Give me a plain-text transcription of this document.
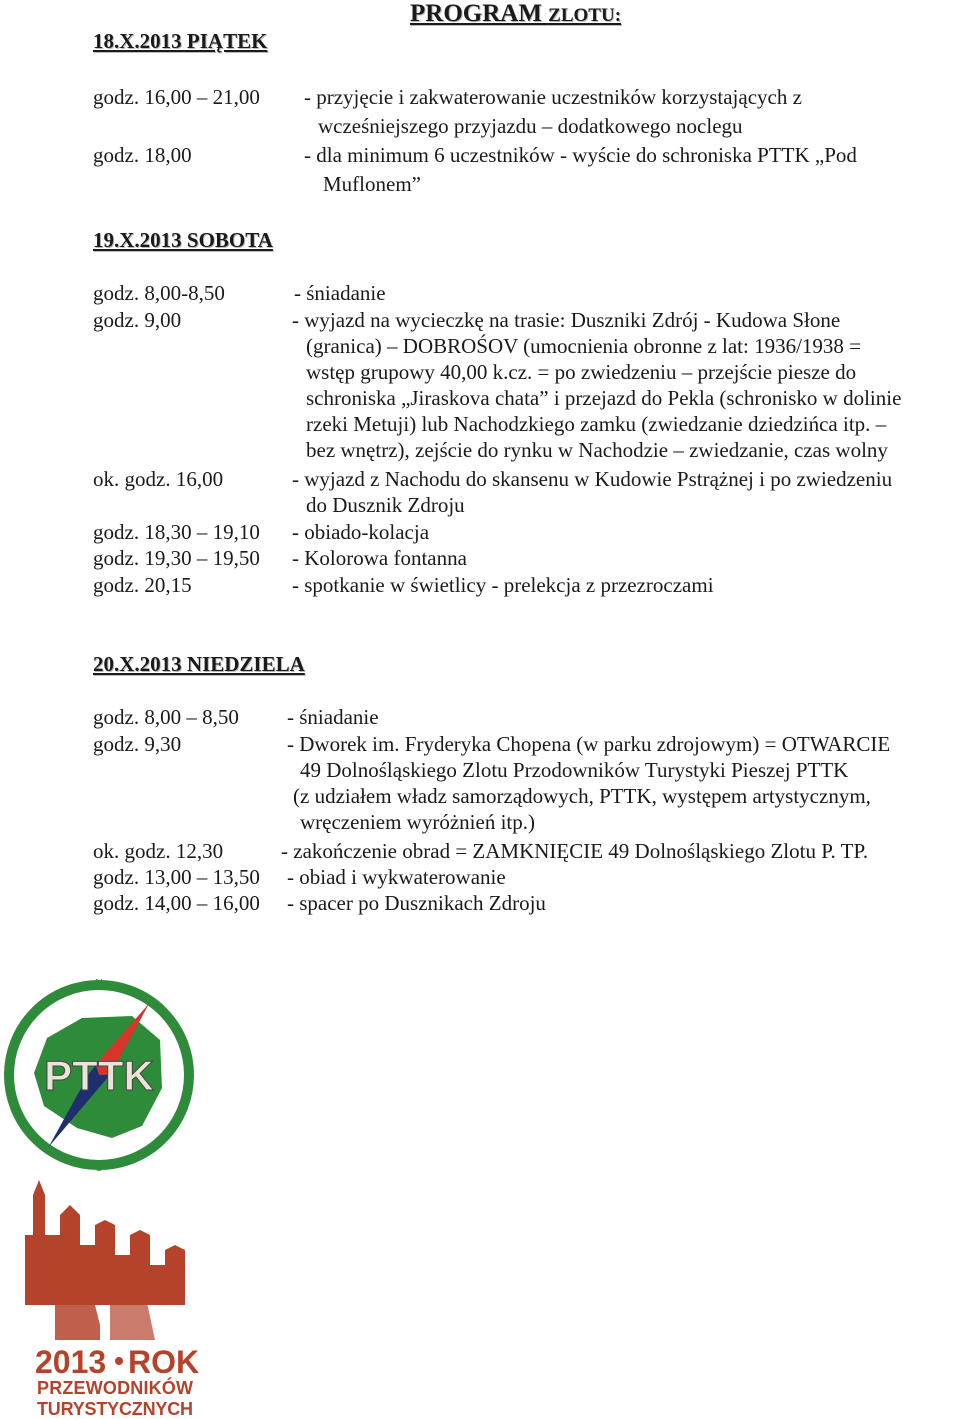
PROGRAM ZLOTU:
18.X.2013 PIĄTEK
godz. 16,00 – 21,00 - przyjęcie i zakwaterowanie uczestników korzystających z
wcześniejszego przyjazdu – dodatkowego noclegu
godz. 18,00	- dla minimum 6 uczestników - wyście do schroniska PTTK „Pod
Muflonem”
19.X.2013 SOBOTA
godz. 8,00-8,50	- śniadanie
godz. 9,00	- wyjazd na wycieczkę na trasie: Duszniki Zdrój - Kudowa Słone
(granica) – DOBROŚOV (umocnienia obronne z lat: 1936/1938 =
wstęp grupowy 40,00 k.cz. = po zwiedzeniu – przejście piesze do
schroniska „Jiraskova chata” i przejazd do Pekla (schronisko w dolinie
rzeki Metuji) lub Nachodzkiego zamku (zwiedzanie dziedzińca itp. –
bez wnętrz), zejście do rynku w Nachodzie – zwiedzanie, czas wolny
ok. godz. 16,00	- wyjazd z Nachodu do skansenu w Kudowie Pstrążnej i po zwiedzeniu
do Dusznik Zdroju
godz. 18,30 – 19,10 - obiado-kolacja
godz. 19,30 – 19,50 - Kolorowa fontanna
godz. 20,15	- spotkanie w świetlicy - prelekcja z przezroczami
20.X.2013 NIEDZIELA
godz. 8,00 – 8,50 - śniadanie
godz. 9,30	- Dworek im. Fryderyka Chopena (w parku zdrojowym) = OTWARCIE
49 Dolnośląskiego Zlotu Przodowników Turystyki Pieszej PTTK
(z udziałem władz samorządowych, PTTK, występem artystycznym,
wręczeniem wyróżnień itp.)
ok. godz. 12,30	- zakończenie obrad = ZAMKNIĘCIE 49 Dolnośląskiego Zlotu P. TP.
godz. 13,00 – 13,50 - obiad i wykwaterowanie
godz. 14,00 – 16,00 - spacer po Dusznikach Zdroju
N
E
S
W PTTK
2013 ROK
PRZEWODNIKÓW
TURYSTYCZNYCH
